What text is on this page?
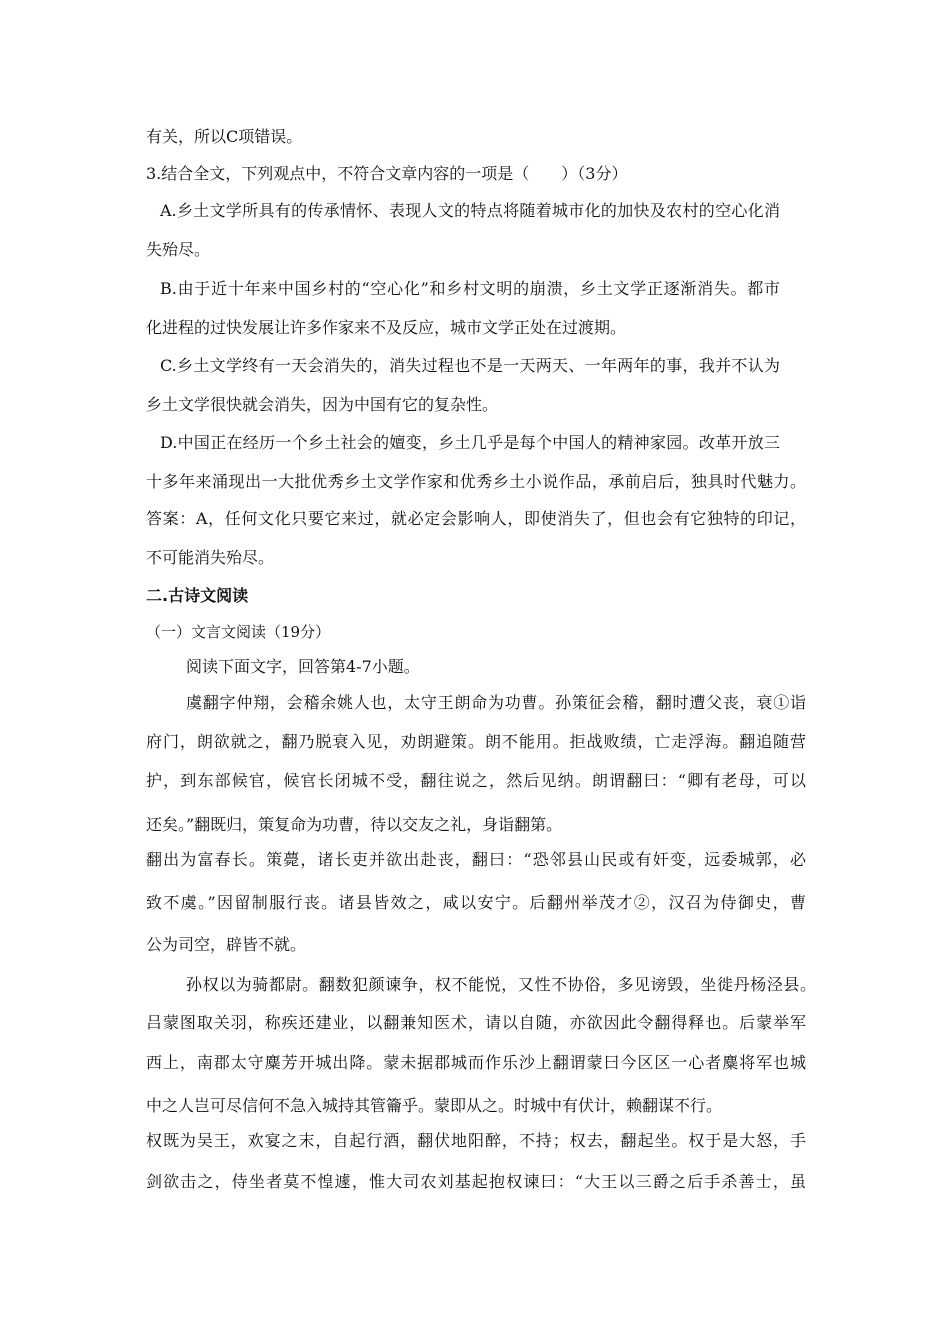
有关，所以C项错误。
3.结合全文，下列观点中，不符合文章内容的一项是（　　）（3分）
A.乡土文学所具有的传承情怀、表现人文的特点将随着城市化的加快及农村的空心化消
失殆尽。
B.由于近十年来中国乡村的“空心化”和乡村文明的崩溃，乡土文学正逐渐消失。都市
化进程的过快发展让许多作家来不及反应，城市文学正处在过渡期。
C.乡土文学终有一天会消失的，消失过程也不是一天两天、一年两年的事，我并不认为
乡土文学很快就会消失，因为中国有它的复杂性。
D.中国正在经历一个乡土社会的嬗变，乡土几乎是每个中国人的精神家园。改革开放三
十多年来涌现出一大批优秀乡土文学作家和优秀乡土小说作品，承前启后，独具时代魅力。
答案：A，任何文化只要它来过，就必定会影响人，即使消失了，但也会有它独特的印记，
不可能消失殆尽。
二.古诗文阅读
（一）文言文阅读（19分）
阅读下面文字，回答第4-7小题。
虞翻字仲翔，会稽余姚人也，太守王朗命为功曹。孙策征会稽，翻时遭父丧，衰①诣
府门，朗欲就之，翻乃脱衰入见，劝朗避策。朗不能用。拒战败绩，亡走浮海。翻追随营
护，到东部候官，候官长闭城不受，翻往说之，然后见纳。朗谓翻曰：“卿有老母，可以
还矣。”翻既归，策复命为功曹，待以交友之礼，身诣翻第。
翻出为富春长。策薨，诸长吏并欲出赴丧，翻曰：“恐邻县山民或有奸变，远委城郭，必
致不虞。”因留制服行丧。诸县皆效之，咸以安宁。后翻州举茂才②，汉召为侍御史，曹
公为司空，辟皆不就。
孙权以为骑都尉。翻数犯颜谏争，权不能悦，又性不协俗，多见谤毁，坐徙丹杨泾县。
吕蒙图取关羽，称疾还建业，以翻兼知医术，请以自随，亦欲因此令翻得释也。后蒙举军
西上，南郡太守麋芳开城出降。蒙未据郡城而作乐沙上翻谓蒙曰今区区一心者麋将军也城
中之人岂可尽信何不急入城持其管籥乎。蒙即从之。时城中有伏计，赖翻谋不行。
权既为吴王，欢宴之末，自起行酒，翻伏地阳醉，不持；权去，翻起坐。权于是大怒，手
剑欲击之，侍坐者莫不惶遽，惟大司农刘基起抱权谏曰：“大王以三爵之后手杀善士，虽
